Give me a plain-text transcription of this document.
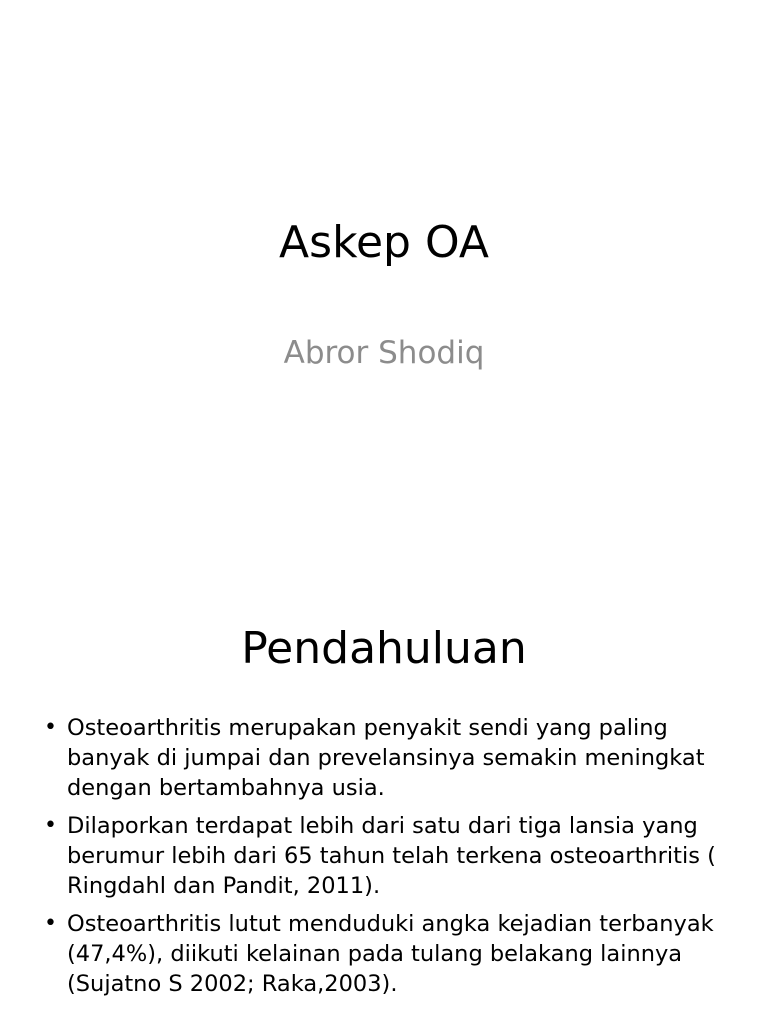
Askep OA
Abror Shodiq
Pendahuluan
• Osteoarthritis merupakan penyakit sendi yang paling banyak di jumpai dan prevelansinya semakin meningkat dengan bertambahnya usia.
• Dilaporkan terdapat lebih dari satu dari tiga lansia yang berumur lebih dari 65 tahun telah terkena osteoarthritis ( Ringdahl dan Pandit, 2011).
• Osteoarthritis lutut menduduki angka kejadian terbanyak (47,4%), diikuti kelainan pada tulang belakang lainnya (Sujatno S 2002; Raka,2003).
